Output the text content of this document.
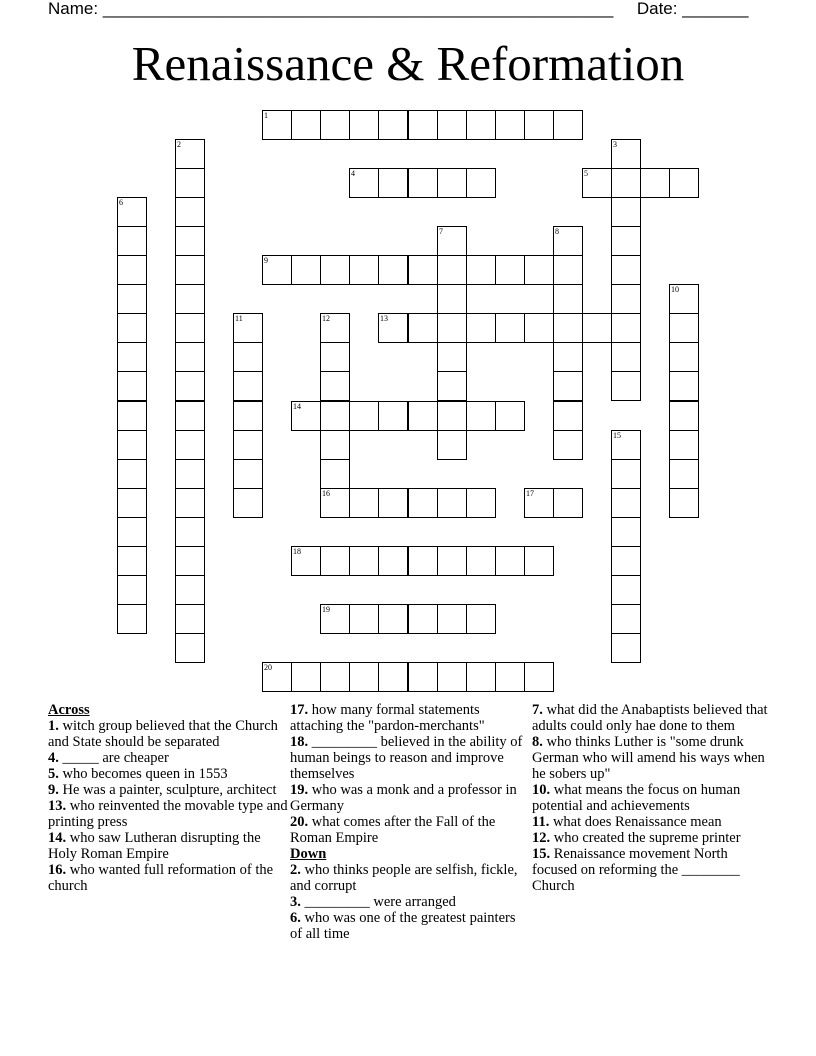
Name: ______________________________________________________ Date: _______
Renaissance & Reformation
1
2	3
4	5
6
7	8
9
10
11	12
16
13
14
15
17
18
19
20
Across
1. witch group believed that the Church and State should be separated
4. _____ are cheaper
5. who becomes queen in 1553
9. He was a painter, sculpture, architect
13. who reinvented the movable type and printing press
14. who saw Lutheran disrupting the Holy Roman Empire
16. who wanted full reformation of the church
17. how many formal statements attaching the "pardon-merchants"
18. _________ believed in the ability of human beings to reason and improve themselves
19. who was a monk and a professor in Germany
20. what comes after the Fall of the Roman Empire
Down
2. who thinks people are selfish, fickle, and corrupt
3. _________ were arranged
6. who was one of the greatest painters of all time
7. what did the Anabaptists believed that adults could only hae done to them
8. who thinks Luther is "some drunk German who will amend his ways when he sobers up"
10. what means the focus on human potential and achievements
11. what does Renaissance mean
12. who created the supreme printer
15. Renaissance movement North focused on reforming the ________ Church
